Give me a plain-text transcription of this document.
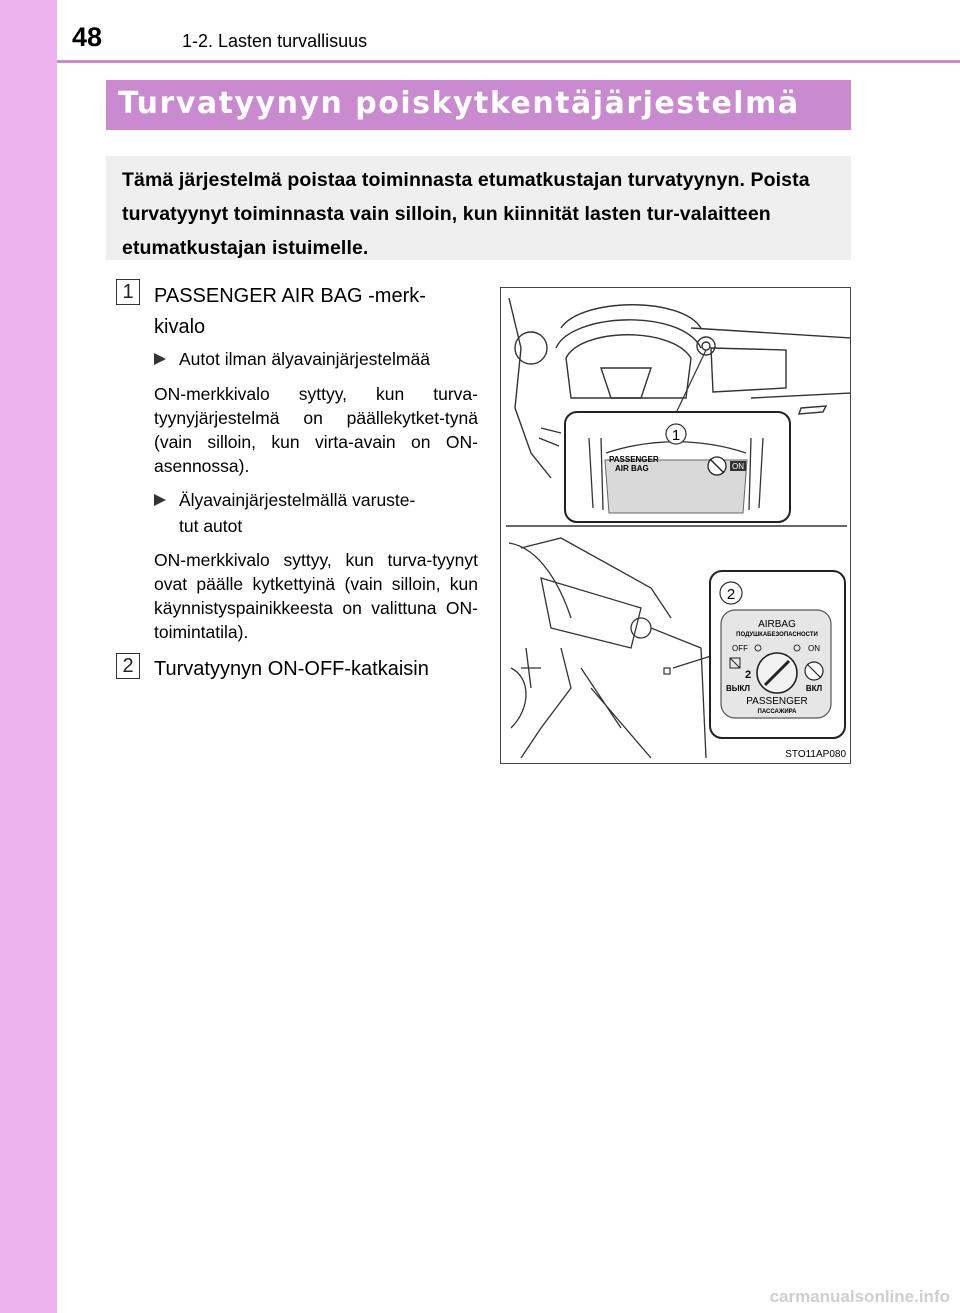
48	1-2. Lasten turvallisuus
Turvatyynyn poiskytkentäjärjestelmä

Tämä järjestelmä poistaa toiminnasta etumatkustajan turvatyynyn. Poista turvatyynyt toiminnasta vain silloin, kun kiinnität lasten tur-valaitteen etumatkustajan istuimelle.

1	PASSENGER AIR BAG -merk-
kivalo
Autot ilman älyavainjärjestelmää
ON-merkkivalo syttyy, kun turva-tyynyjärjestelmä on päällekytket-tynä (vain silloin, kun virta-avain on ON-asennossa).
Älyavainjärjestelmällä varuste-
tut autot
ON-merkkivalo syttyy, kun turva-tyynyt ovat päälle kytkettyinä (vain silloin, kun käynnistyspainikkeesta on valittuna ON-toimintatila).
2	Turvatyynyn ON-OFF-katkaisin
1
PASSENGER
AIR BAG	ON
2
AIRBAG
ПОДУШКАБЕЗОПАСНОСТИ
OFF	ON
2
ВЫКЛ	ВКЛ
PASSENGER
ПАССАЖИРА
STO11AP080
carmanualsonline.info
